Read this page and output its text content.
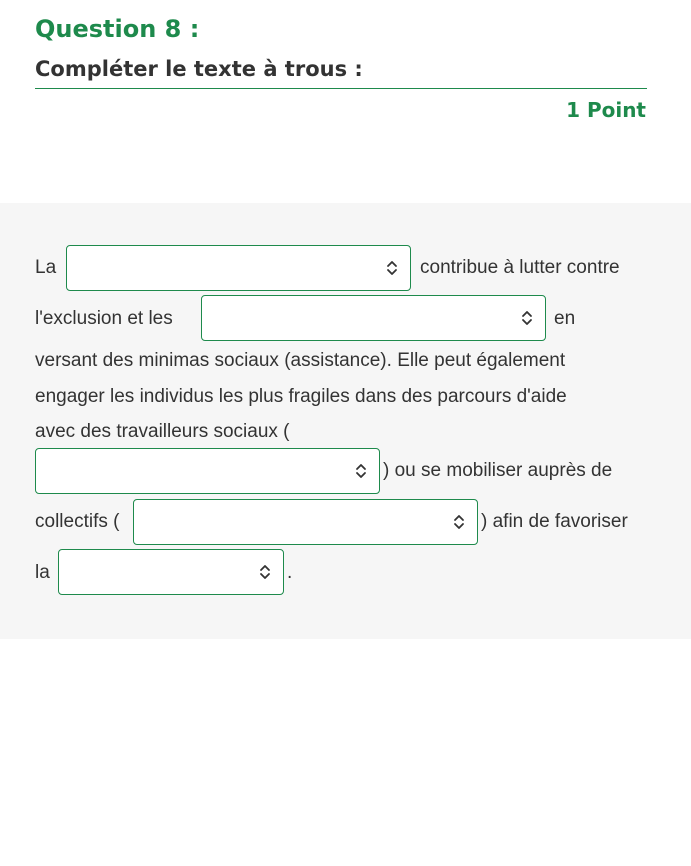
Question 8 :
Compléter le texte à trous :
1 Point
La	contribue à lutter contre
l'exclusion et les	en
versant des minimas sociaux (assistance). Elle peut également
engager les individus les plus fragiles dans des parcours d'aide
avec des travailleurs sociaux (
) ou se mobiliser auprès de
collectifs (	) afin de favoriser
la	.
